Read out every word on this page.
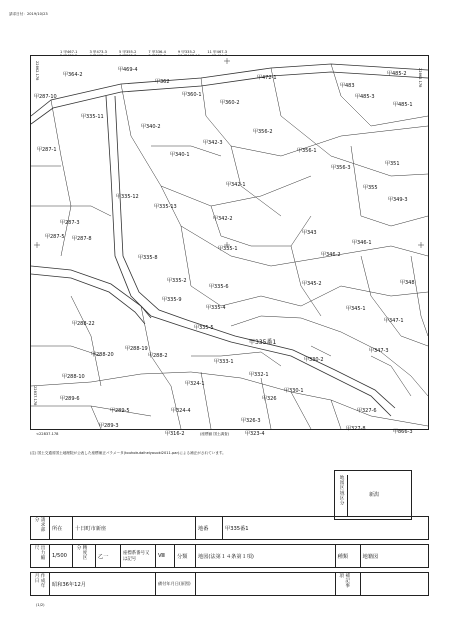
請求日付：2019/10/23
1 甲467-1	3 甲473-3	5 甲355-2	7 甲336-4	9 甲335-2	11 甲467-3
甲364-2
甲469-4
甲472-1
甲483
甲485-2
甲485-3
甲485-1
甲287-10
甲362
甲360-1
甲360-2
甲335-11
甲340-2
甲342-3
甲356-2
甲356-1
甲287-1
甲340-1
甲356-3
甲351
甲342-1	甲355
甲349-3
甲335-12
甲335-13
甲342-2
甲287-3
甲343
甲287-5 甲287-8
甲346-1
甲335-1
甲346-2
甲335-8
甲335-2	甲348
甲335-6	甲345-2
甲335-9
甲335-4	甲345-1
甲347-1
甲288-22
甲335-5
甲288-19
甲335番1
甲347-3
甲288-20	甲288-2
甲333-1	甲330-2
甲288-10	甲332-1
甲324-1
甲330-1
甲289-6	甲326
甲324-4
甲289-5
甲289-3
甲326-3
甲327-6
甲327-8	甲866-3
甲323-4
甲316-2
22862.178	22862.178
22837.178
<22837.178	(座標値 国土調査)
(注) 国土交通省国土地理院が公表した座標補正パラメータ(touhokutaiheiyouoki2011.par)による補正がされています。
地図区域区分	新潟
請求部分	所在	十日町市新座					地番	甲335番1		

出力縮尺	1/500	精度区分	乙一	座標系番号又は記号	Ⅷ	分類	地図(法第１４条第１項)		種類	地籍図

作成年月日	昭和36年12月				備付年月日(原図)				補記事項	
(1/2)
